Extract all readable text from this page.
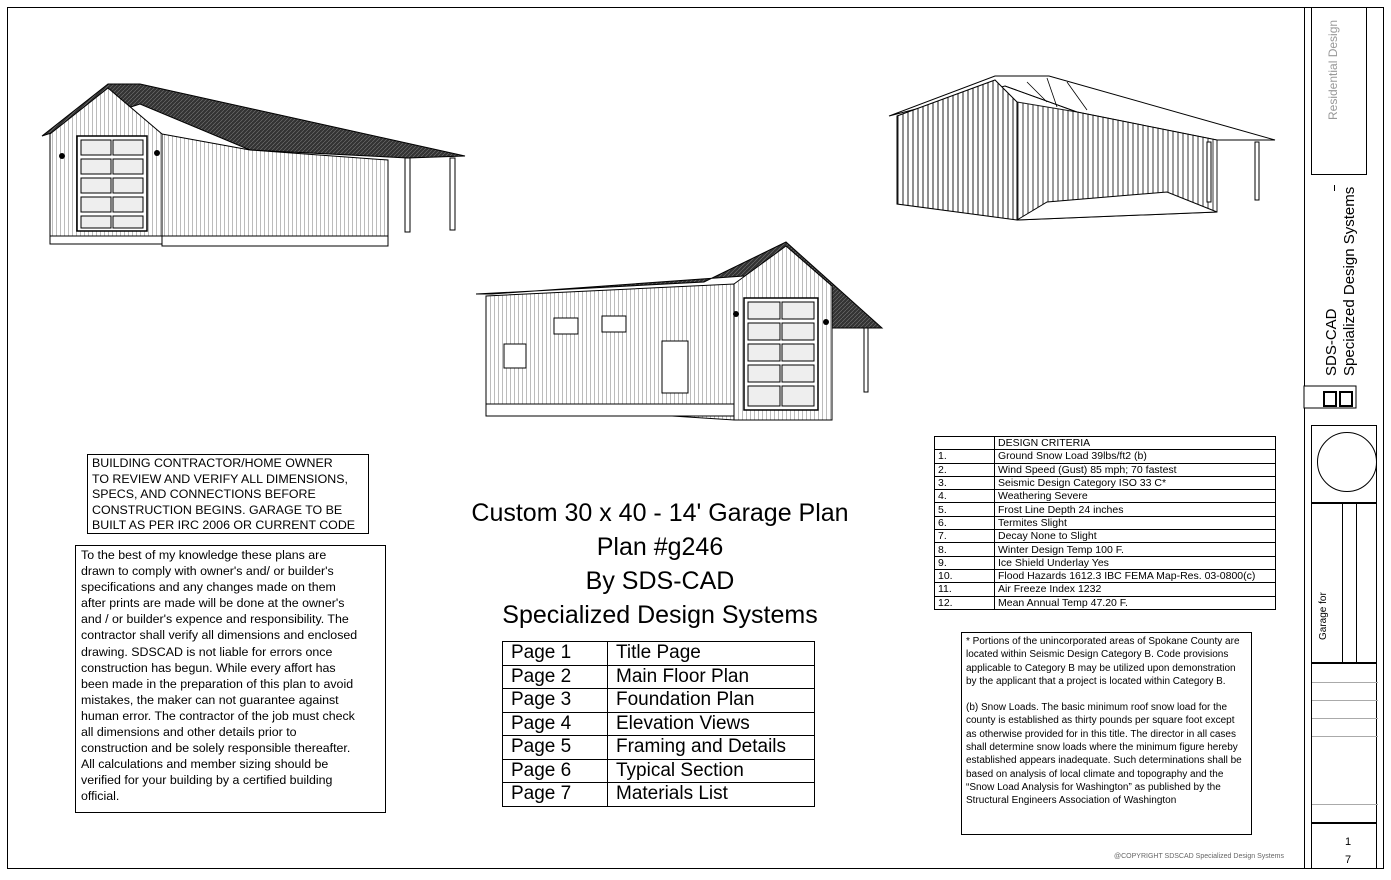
BUILDING CONTRACTOR/HOME OWNER
TO REVIEW AND VERIFY ALL DIMENSIONS,
SPECS, AND CONNECTIONS BEFORE
CONSTRUCTION BEGINS. GARAGE TO BE
BUILT AS PER IRC 2006 OR CURRENT CODE
To the best of my knowledge these plans are
drawn to comply with owner's and/ or builder's
specifications and any changes made on them
after prints are made will be done at the owner's
and / or builder's expence and responsibility. The
contractor shall verify all dimensions and enclosed
drawing. SDSCAD is not liable for errors once
construction has begun. While every affort has
been made in the preparation of this plan to avoid
mistakes, the maker can not guarantee against
human error. The contractor of the job must check
all dimensions and other details prior to
construction and be solely responsible thereafter.
All calculations and member sizing should be
verified for your building by a certified building
official.
Custom 30 x 40 - 14' Garage Plan
Plan #g246
By SDS-CAD
Specialized Design Systems
Page 1	Title Page
Page 2	Main Floor Plan
Page 3	Foundation Plan
Page 4	Elevation Views
Page 5	Framing and Details
Page 6	Typical Section
Page 7	Materials List
	DESIGN CRITERIA
1.	Ground Snow Load 39lbs/ft2 (b)
2.	Wind Speed (Gust) 85 mph; 70 fastest
3.	Seismic Design Category ISO 33 C*
4.	Weathering Severe
5.	Frost Line Depth 24 inches
6.	Termites Slight
7.	Decay None to Slight
8.	Winter Design Temp 100 F.
9.	Ice Shield Underlay Yes
10.	Flood Hazards 1612.3 IBC FEMA Map-Res. 03-0800(c)
11.	Air Freeze Index 1232
12.	Mean Annual Temp 47.20 F.
* Portions of the unincorporated areas of Spokane County are located within Seismic Design Category B. Code provisions applicable to Category B may be utilized upon demonstration by the applicant that a project is located within Category B.
(b) Snow Loads. The basic minimum roof snow load for the county is established as thirty pounds per square foot except as otherwise provided for in this title. The director in all cases shall determine snow loads where the minimum figure hereby established appears inadequate. Such determinations shall be based on analysis of local climate and topography and the “Snow Load Analysis for Washington” as published by the Structural Engineers Association of Washington
@COPYRIGHT SDSCAD Specialized Design Systems
Residential Design
SDS-CAD Specialized Design Systems
Garage for
1
7
